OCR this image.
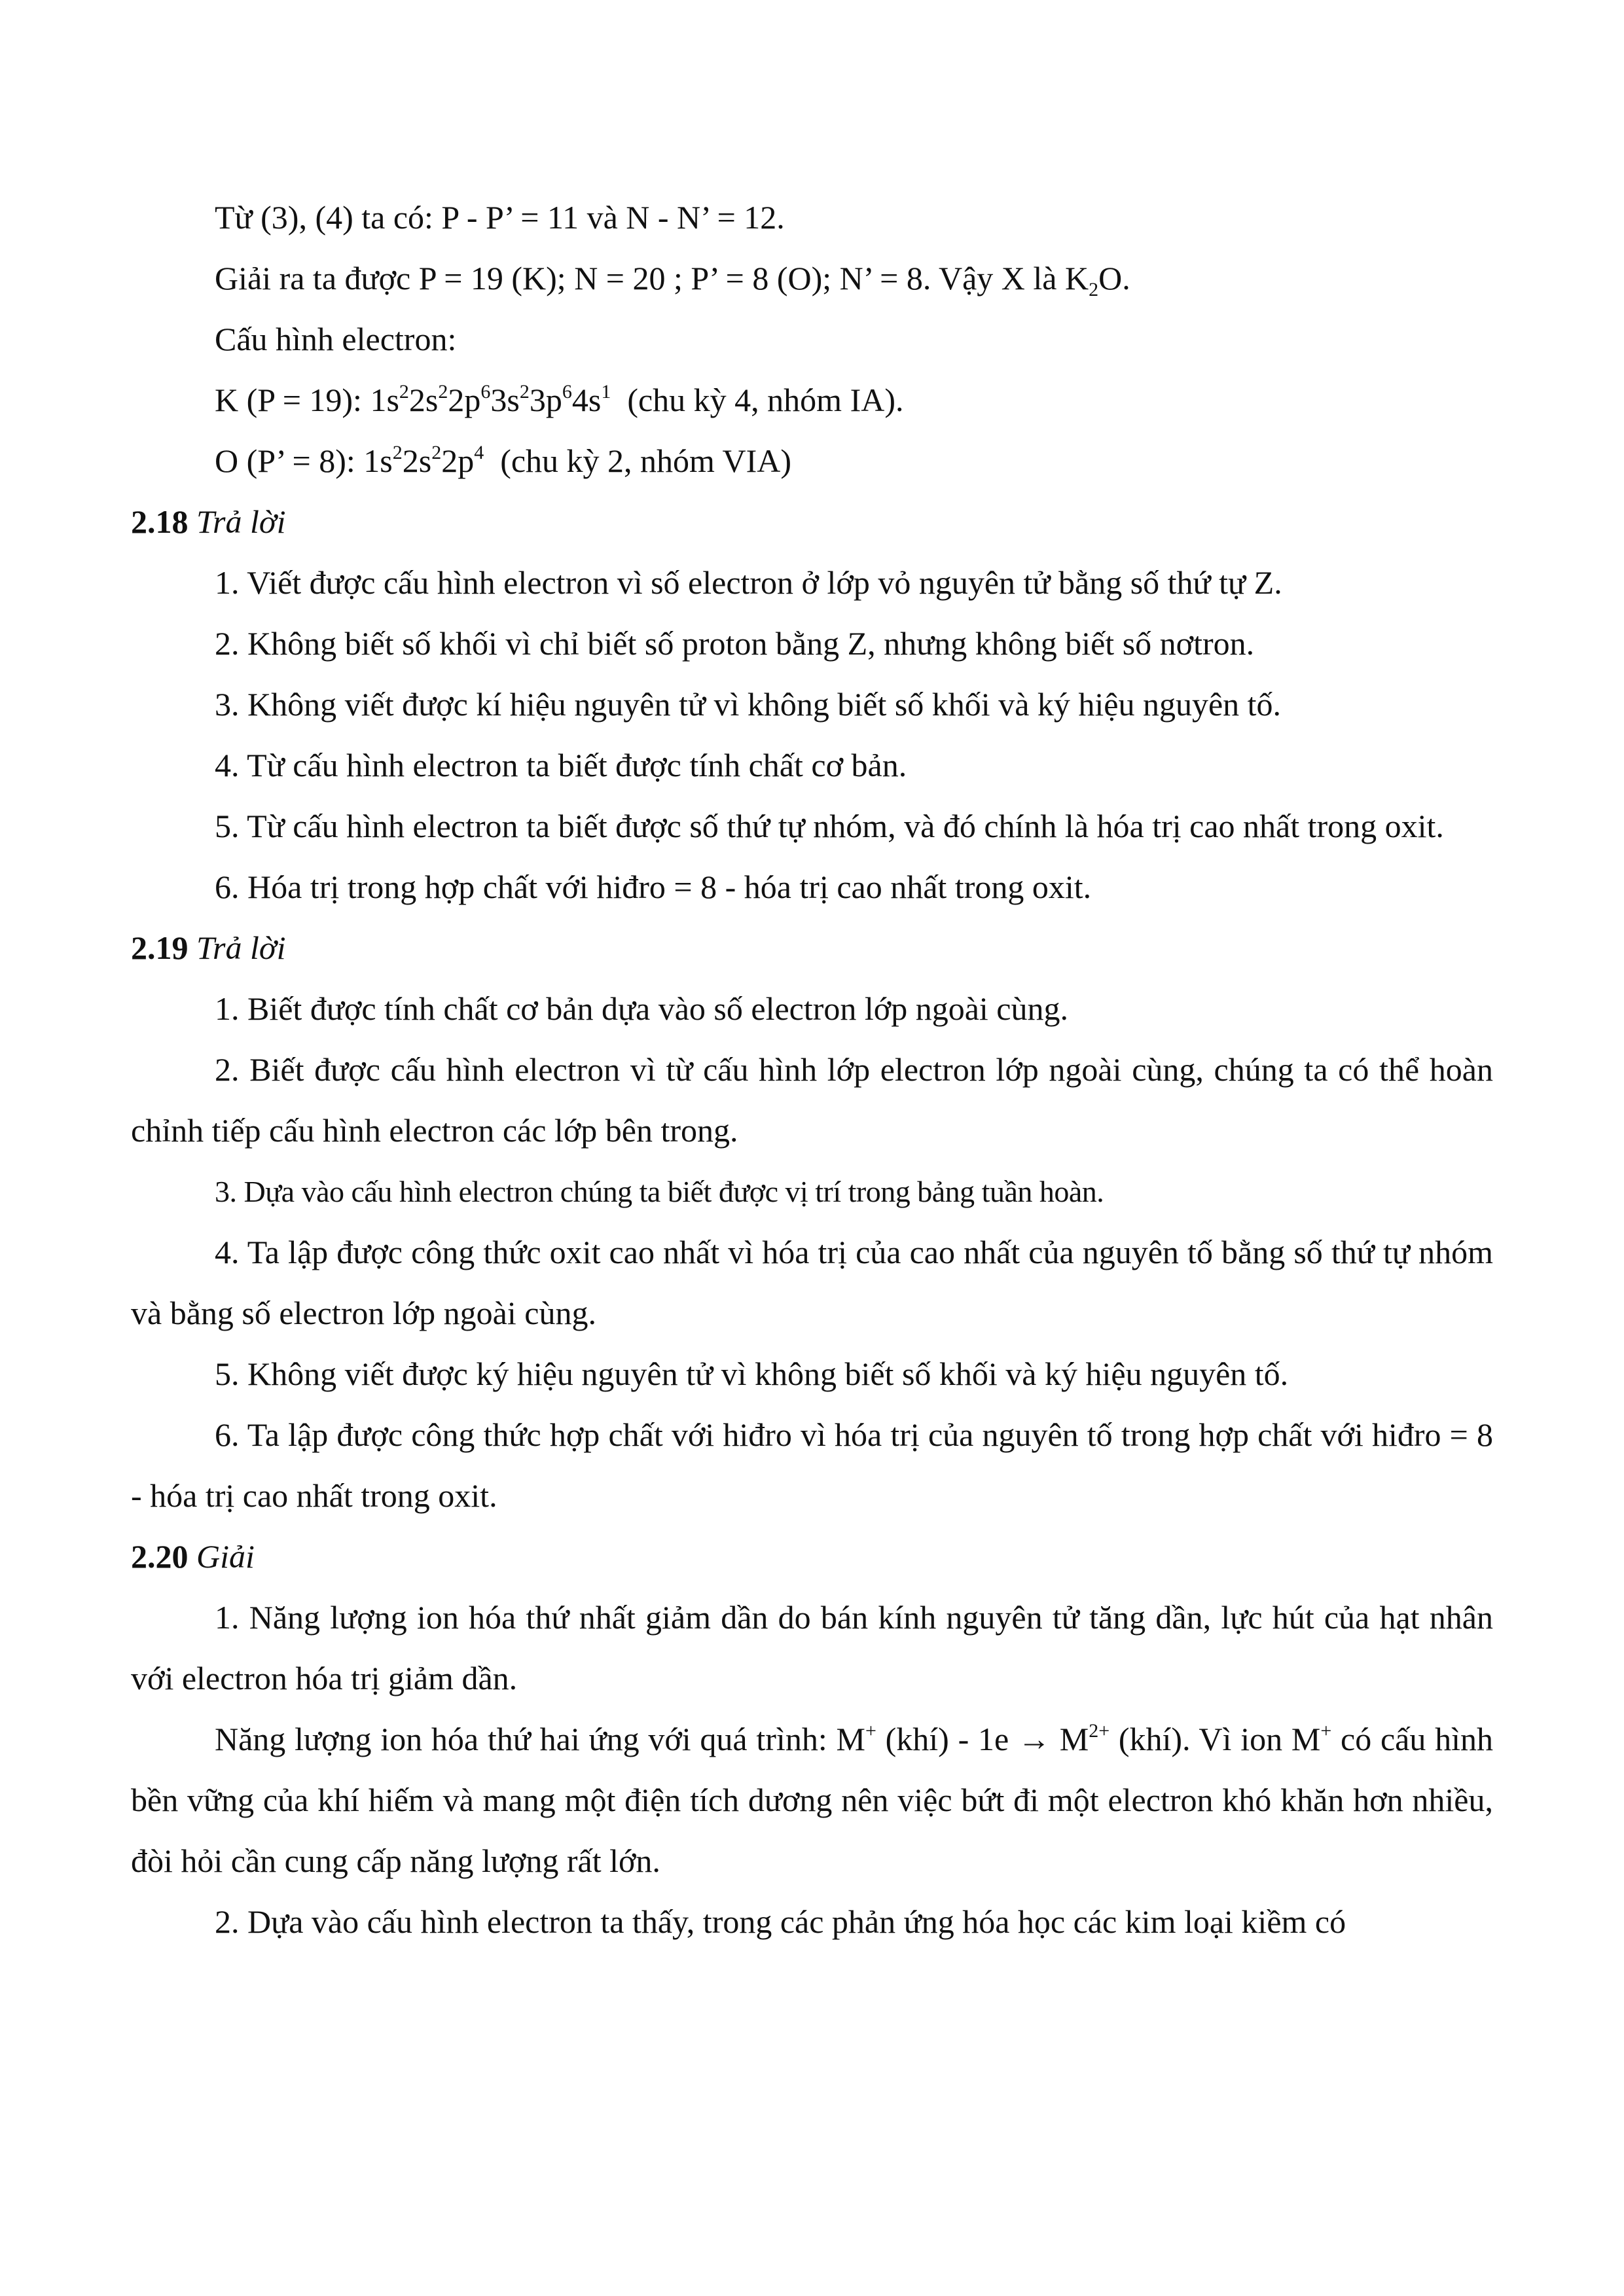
Từ (3), (4) ta có: P - P’ = 11 và N - N’ = 12.

Giải ra ta được P = 19 (K); N = 20 ; P’ = 8 (O); N’ = 8. Vậy X là $K_2O$.

Cấu hình electron:

K (P = 19): $1s^22s^22p^63s^23p^64s^1$ (chu kỳ 4, nhóm IA).

O (P’ = 8): $1s^22s^22p^4$ (chu kỳ 2, nhóm VIA)

2.18 Trả lời

1. Viết được cấu hình electron vì số electron ở lớp vỏ nguyên tử bằng số thứ tự Z.

2. Không biết số khối vì chỉ biết số proton bằng Z, nhưng không biết số nơtron.

3. Không viết được kí hiệu nguyên tử vì không biết số khối và ký hiệu nguyên tố.

4. Từ cấu hình electron ta biết được tính chất cơ bản.

5. Từ cấu hình electron ta biết được số thứ tự nhóm, và đó chính là hóa trị cao nhất trong oxit.

6. Hóa trị trong hợp chất với hiđro = 8 - hóa trị cao nhất trong oxit.

2.19 Trả lời

1. Biết được tính chất cơ bản dựa vào số electron lớp ngoài cùng.

2. Biết được cấu hình electron vì từ cấu hình lớp electron lớp ngoài cùng, chúng ta có thể hoàn chỉnh tiếp cấu hình electron các lớp bên trong.

3. Dựa vào cấu hình electron chúng ta biết được vị trí trong bảng tuần hoàn.

4. Ta lập được công thức oxit cao nhất vì hóa trị của cao nhất của nguyên tố bằng số thứ tự nhóm và bằng số electron lớp ngoài cùng.

5. Không viết được ký hiệu nguyên tử vì không biết số khối và ký hiệu nguyên tố.

6. Ta lập được công thức hợp chất với hiđro vì hóa trị của nguyên tố trong hợp chất với hiđro = 8 - hóa trị cao nhất trong oxit.

2.20 Giải

1. Năng lượng ion hóa thứ nhất giảm dần do bán kính nguyên tử tăng dần, lực hút của hạt nhân với electron hóa trị giảm dần.

Năng lượng ion hóa thứ hai ứng với quá trình: M+ (khí) - $1e \to M^{2+}$ (khí). Vì ion M+ có cấu hình bền vững của khí hiếm và mang một điện tích dương nên việc bứt đi một electron khó khăn hơn nhiều, đòi hỏi cần cung cấp năng lượng rất lớn.

2. Dựa vào cấu hình electron ta thấy, trong các phản ứng hóa học các kim loại kiềm có
